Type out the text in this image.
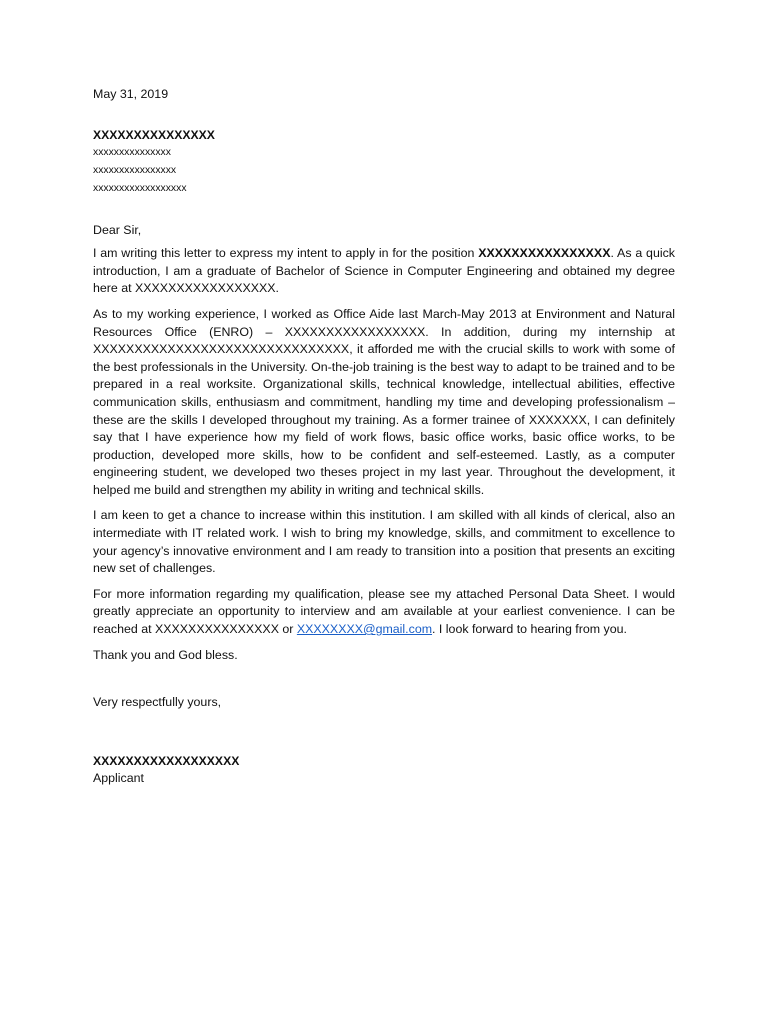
May 31, 2019

XXXXXXXXXXXXXXX

xxxxxxxxxxxxxxx

xxxxxxxxxxxxxxxx

xxxxxxxxxxxxxxxxxx

Dear Sir,

I am writing this letter to express my intent to apply in for the position XXXXXXXXXXXXXXXX. As a quick introduction, I am a graduate of Bachelor of Science in Computer Engineering and obtained my degree here at XXXXXXXXXXXXXXXXX.

As to my working experience, I worked as Office Aide last March-May 2013 at Environment and Natural Resources Office (ENRO) – XXXXXXXXXXXXXXXXX. In addition, during my internship at XXXXXXXXXXXXXXXXXXXXXXXXXXXXXXX, it afforded me with the crucial skills to work with some of the best professionals in the University. On-the-job training is the best way to adapt to be trained and to be prepared in a real worksite. Organizational skills, technical knowledge, intellectual abilities, effective communication skills, enthusiasm and commitment, handling my time and developing professionalism – these are the skills I developed throughout my training. As a former trainee of XXXXXXX, I can definitely say that I have experience how my field of work flows, basic office works, basic office works, to be production, developed more skills, how to be confident and self-esteemed. Lastly, as a computer engineering student, we developed two theses project in my last year. Throughout the development, it helped me build and strengthen my ability in writing and technical skills.

I am keen to get a chance to increase within this institution. I am skilled with all kinds of clerical, also an intermediate with IT related work. I wish to bring my knowledge, skills, and commitment to excellence to your agency’s innovative environment and I am ready to transition into a position that presents an exciting new set of challenges.

For more information regarding my qualification, please see my attached Personal Data Sheet. I would greatly appreciate an opportunity to interview and am available at your earliest convenience. I can be reached at XXXXXXXXXXXXXXX or XXXXXXXX@gmail.com. I look forward to hearing from you.

Thank you and God bless.

Very respectfully yours,

XXXXXXXXXXXXXXXXXX

Applicant
